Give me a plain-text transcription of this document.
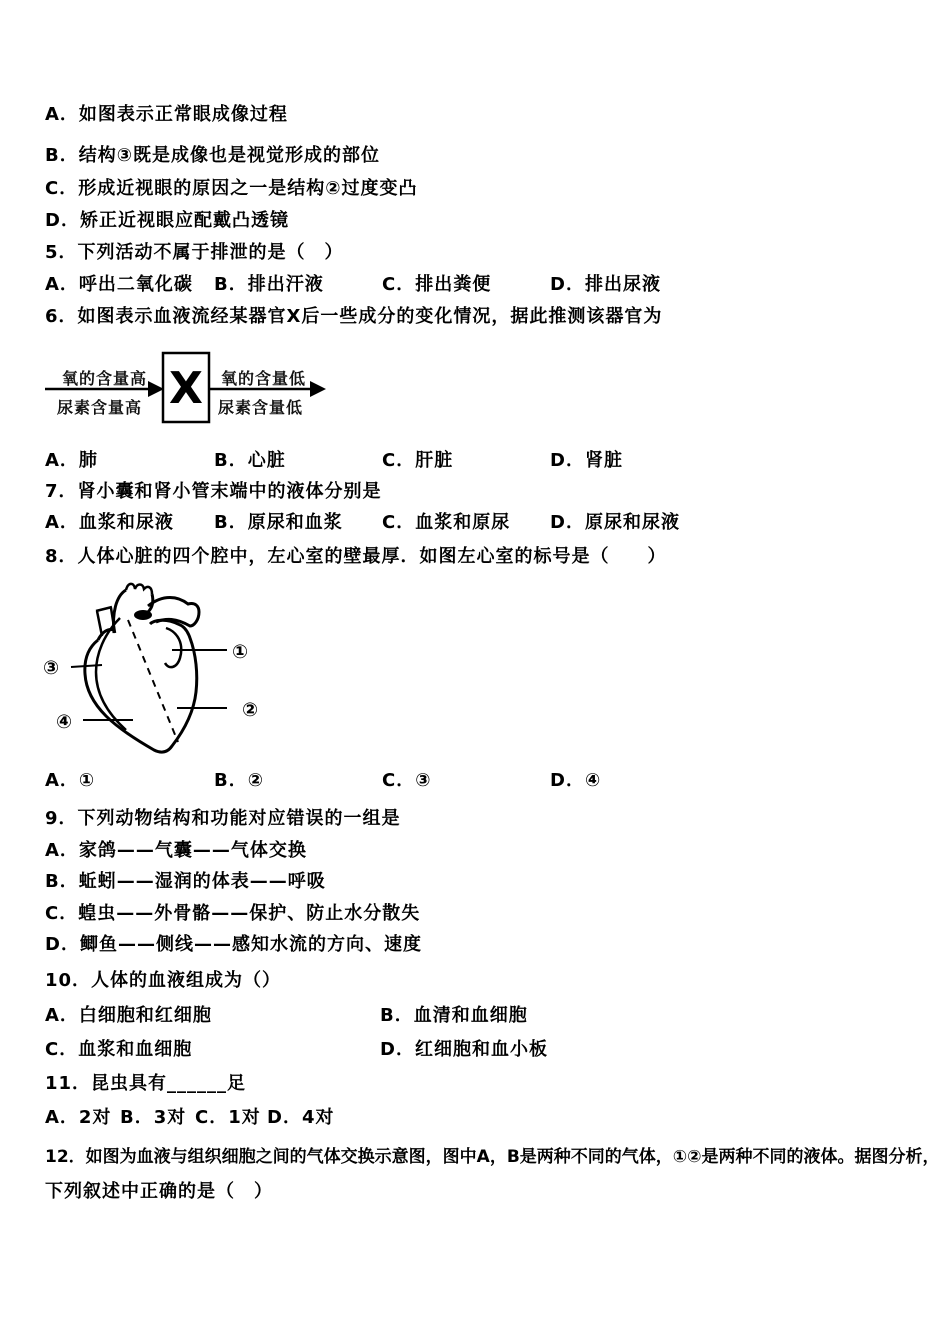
A．如图表示正常眼成像过程
B．结构③既是成像也是视觉形成的部位
C．形成近视眼的原因之一是结构②过度变凸
D．矫正近视眼应配戴凸透镜
5．下列活动不属于排泄的是（　）
A．呼出二氧化碳 B．排出汗液	C．排出粪便	D．排出尿液
6．如图表示血液流经某器官X后一些成分的变化情况，据此推测该器官为
X
氧的含量高
尿素含量高
氧的含量低
尿素含量低
A．肺	B．心脏	C．肝脏	D．肾脏
7．肾小囊和肾小管末端中的液体分别是
A．血浆和尿液 B．原尿和血浆 C．血浆和原尿 D．原尿和尿液
8．人体心脏的四个腔中，左心室的壁最厚．如图左心室的标号是（　　）
①
②
③
④
A．①	B．②	C．③	D．④
9．下列动物结构和功能对应错误的一组是
A．家鸽——气囊——气体交换
B．蚯蚓——湿润的体表——呼吸
C．蝗虫——外骨骼——保护、防止水分散失
D．鲫鱼——侧线——感知水流的方向、速度
10．人体的血液组成为（）
A．白细胞和红细胞	B．血清和血细胞
C．血浆和血细胞	D．红细胞和血小板
11．昆虫具有______足
A．2对 B．3对 C．1对 D．4对
12．如图为血液与组织细胞之间的气体交换示意图，图中A，B是两种不同的气体，①②是两种不同的液体。据图分析，
下列叙述中正确的是（　）
